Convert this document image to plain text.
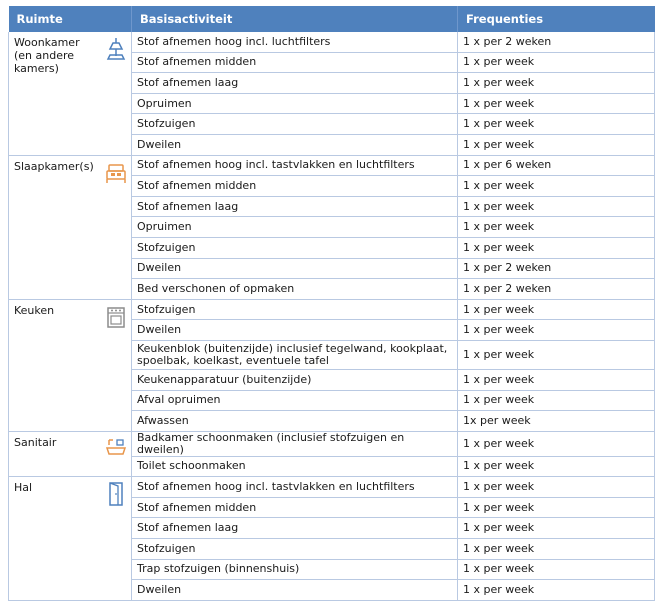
Ruimte	Basisactiviteit	Frequenties

Woonkamer (en andere kamers)	Stof afnemen hoog incl. luchtfilters	1 x per 2 weken
	Stof afnemen midden	1 x per week
	Stof afnemen laag	1 x per week
	Opruimen	1 x per week
	Stofzuigen	1 x per week
	Dweilen	1 x per week

Slaapkamer(s)	Stof afnemen hoog incl. tastvlakken en luchtfilters	1 x per 6 weken
	Stof afnemen midden	1 x per week
	Stof afnemen laag	1 x per week
	Opruimen	1 x per week
	Stofzuigen	1 x per week
	Dweilen	1 x per 2 weken
	Bed verschonen of opmaken	1 x per 2 weken

Keuken	Stofzuigen	1 x per week
	Dweilen	1 x per week
	Keukenblok (buitenzijde) inclusief tegelwand, kookplaat, spoelbak, koelkast, eventuele tafel	1 x per week
	Keukenapparatuur (buitenzijde)	1 x per week
	Afval opruimen	1 x per week
	Afwassen	1x per week

Sanitair	Badkamer schoonmaken (inclusief stofzuigen en dweilen)	1 x per week
	Toilet schoonmaken	1 x per week

Hal	Stof afnemen hoog incl. tastvlakken en luchtfilters	1 x per week
	Stof afnemen midden	1 x per week
	Stof afnemen laag	1 x per week
	Stofzuigen	1 x per week
	Trap stofzuigen (binnenshuis)	1 x per week
	Dweilen	1 x per week
